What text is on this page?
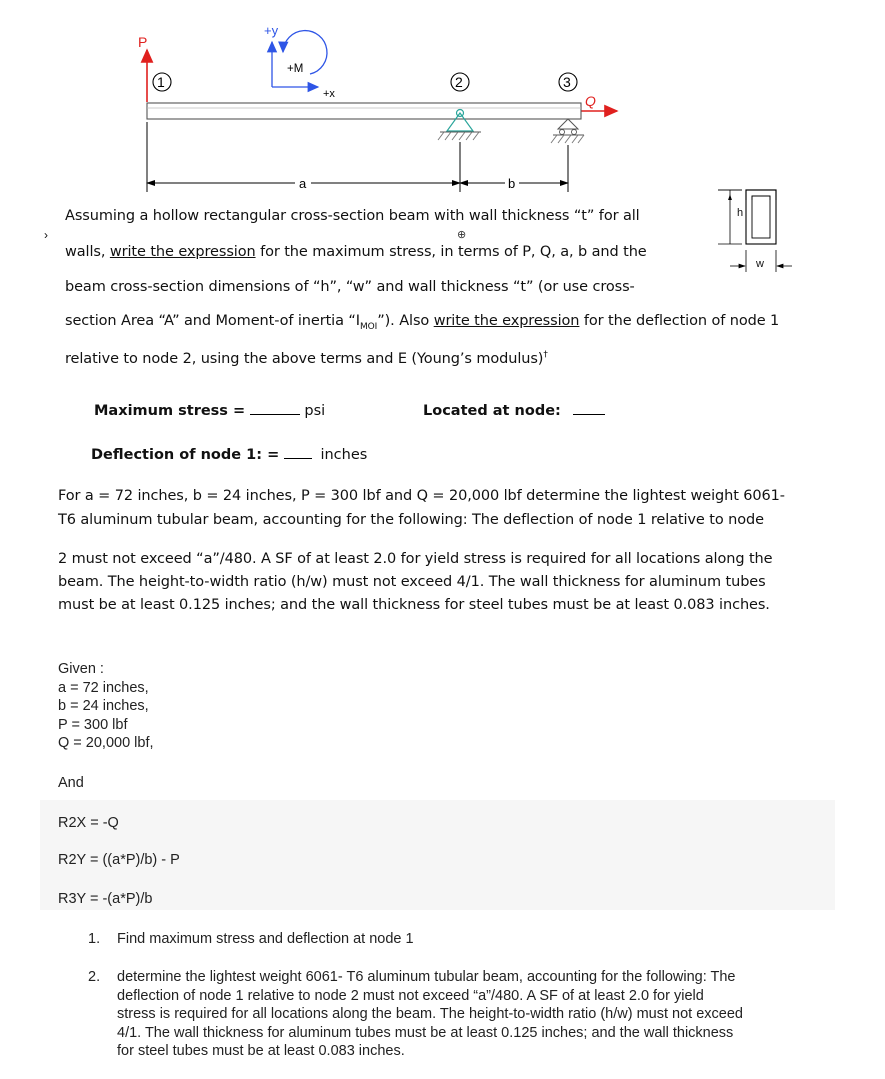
P
1
+y
+x
+M
2	3
Q
a	b
h
w
Assuming a hollow rectangular cross-section beam with wall thickness “t” for all
›	⊕
walls, write the expression for the maximum stress, in terms of P, Q, a, b and the
beam cross-section dimensions of “h”, “w” and wall thickness “t” (or use cross-
section Area “A” and Moment-of inertia “$I_{MOI}$”). Also write the expression for the deflection of node 1
relative to node 2, using the above terms and E (Young’s modulus)†
Maximum stress =	psi	Located at node:
Deflection of node 1: =	inches
For a = 72 inches, b = 24 inches, P = 300 lbf and Q = 20,000 lbf determine the lightest weight 6061-
T6 aluminum tubular beam, accounting for the following: The deflection of node 1 relative to node
2 must not exceed “a”/480. A SF of at least 2.0 for yield stress is required for all locations along the
beam. The height-to-width ratio (h/w) must not exceed 4/1. The wall thickness for aluminum tubes
must be at least 0.125 inches; and the wall thickness for steel tubes must be at least 0.083 inches.
Given :
a = 72 inches,
b = 24 inches,
P = 300 lbf
Q = 20,000 lbf,
And
R2X = -Q
R2Y = ((a*P)/b) - P
R3Y = -(a*P)/b
1. Find maximum stress and deflection at node 1
2. determine the lightest weight 6061- T6 aluminum tubular beam, accounting for the following: The
deflection of node 1 relative to node 2 must not exceed “a”/480. A SF of at least 2.0 for yield
stress is required for all locations along the beam. The height-to-width ratio (h/w) must not exceed
4/1. The wall thickness for aluminum tubes must be at least 0.125 inches; and the wall thickness
for steel tubes must be at least 0.083 inches.
